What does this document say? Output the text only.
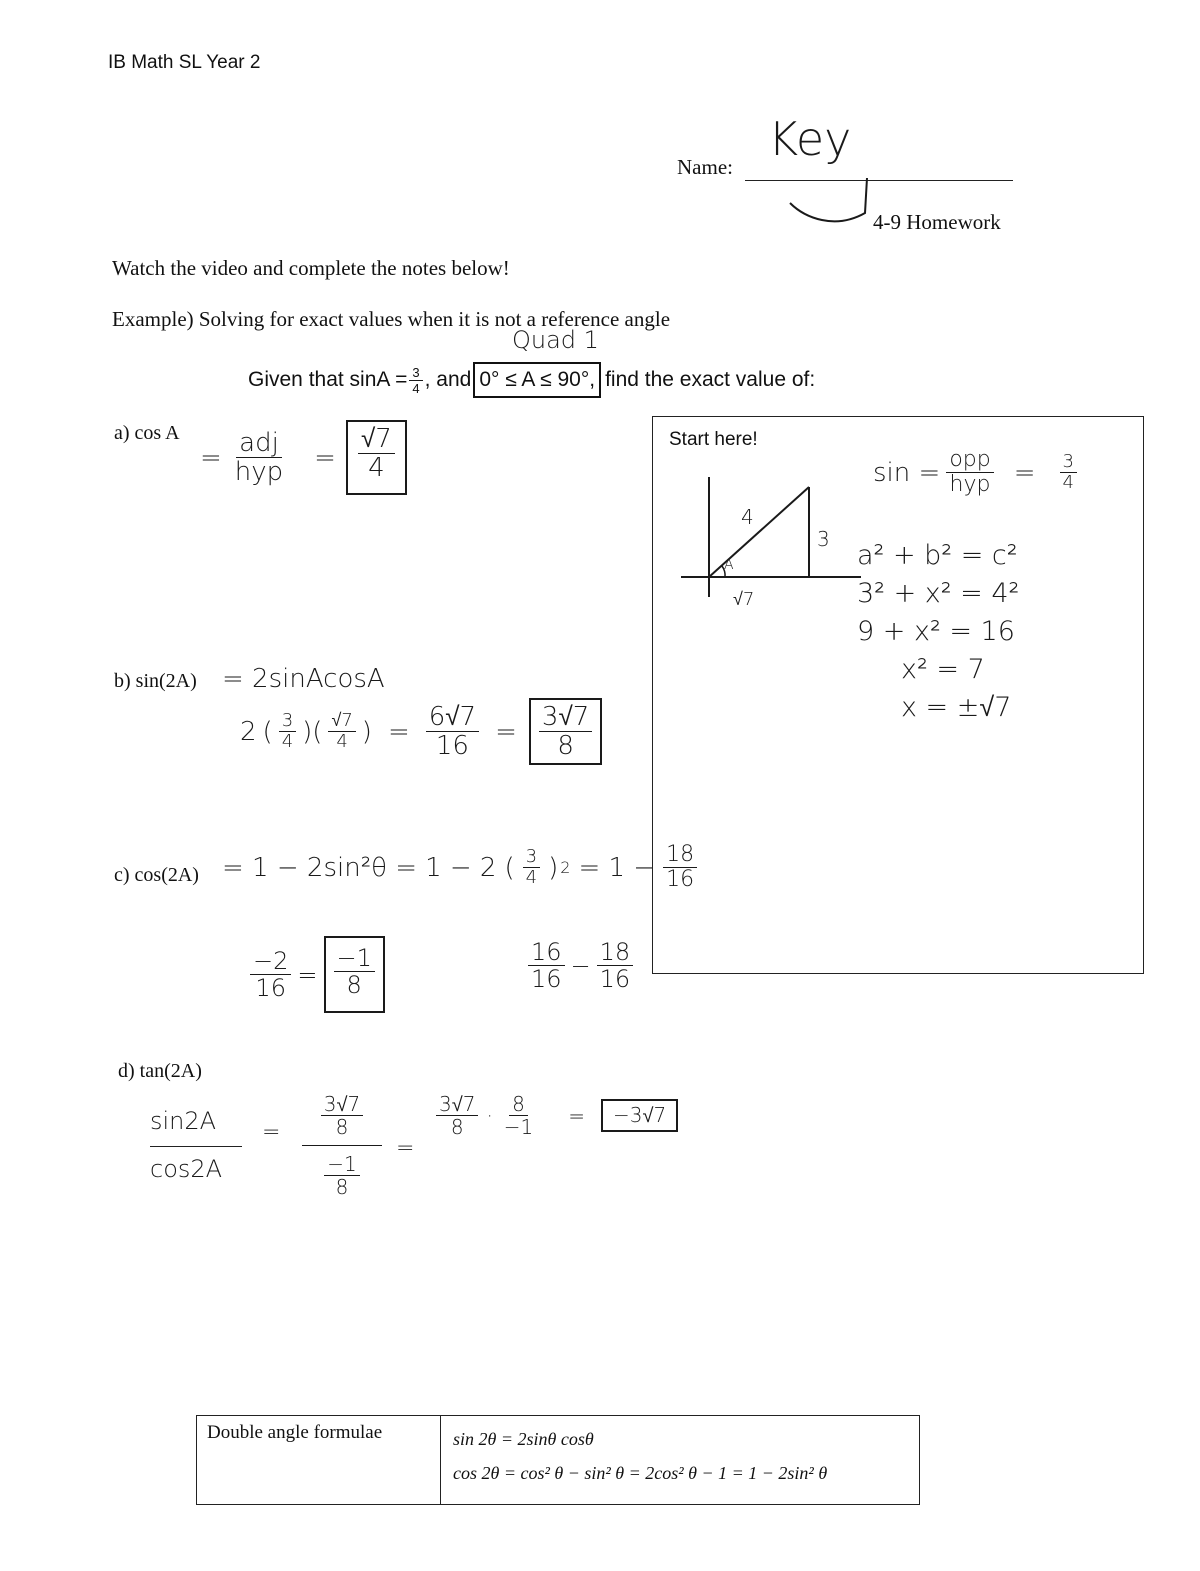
IB Math SL Year 2
Name:
Key
4-9 Homework
Watch the video and complete the notes below!
Example) Solving for exact values when it is not a reference angle
Quad 1
Given that $\sin A = \frac{3}{4}$ , and 0° ≤ A ≤ 90°, find the exact value of:
a) cos A
= $\frac{\text{adj}}{\text{hyp}} = \frac{√7}{4}$
b) sin(2A) = 2sinAcosA
2 ( $\frac{3}{4}$ )( $\frac{√7}{4}$ ) = $\frac{6√7}{16} = \frac{3√7}{8}$
c) cos(2A) = 1 − 2sin²θ = 1 − 2 ( $\frac{3}{4}$ ) $2 = 1 - \frac{18}{16}$
$\frac{-2}{16} = \frac{-1}{8}$	$\frac{16}{16} - \frac{18}{16}$
d) tan(2A)
sin2A
cos2A
= $\frac{3√7}{8}$
$\frac{-1}{8}$
=
$\frac{3√7}{8} \cdot \frac{8}{-1}$ =	−3√7
Start here!
4
3
√7
A
$\sin = \frac{\text{opp}}{\text{hyp}} = \frac{3}{4}$
a² + b² = c²
3² + x² = 4²
9 + x² = 16
x² = 7
x = ±√7
Double angle formulae	sin 2θ = 2sinθ cosθ
cos 2θ = cos² θ − sin² θ = 2cos² θ − 1 = 1 − 2sin² θ
